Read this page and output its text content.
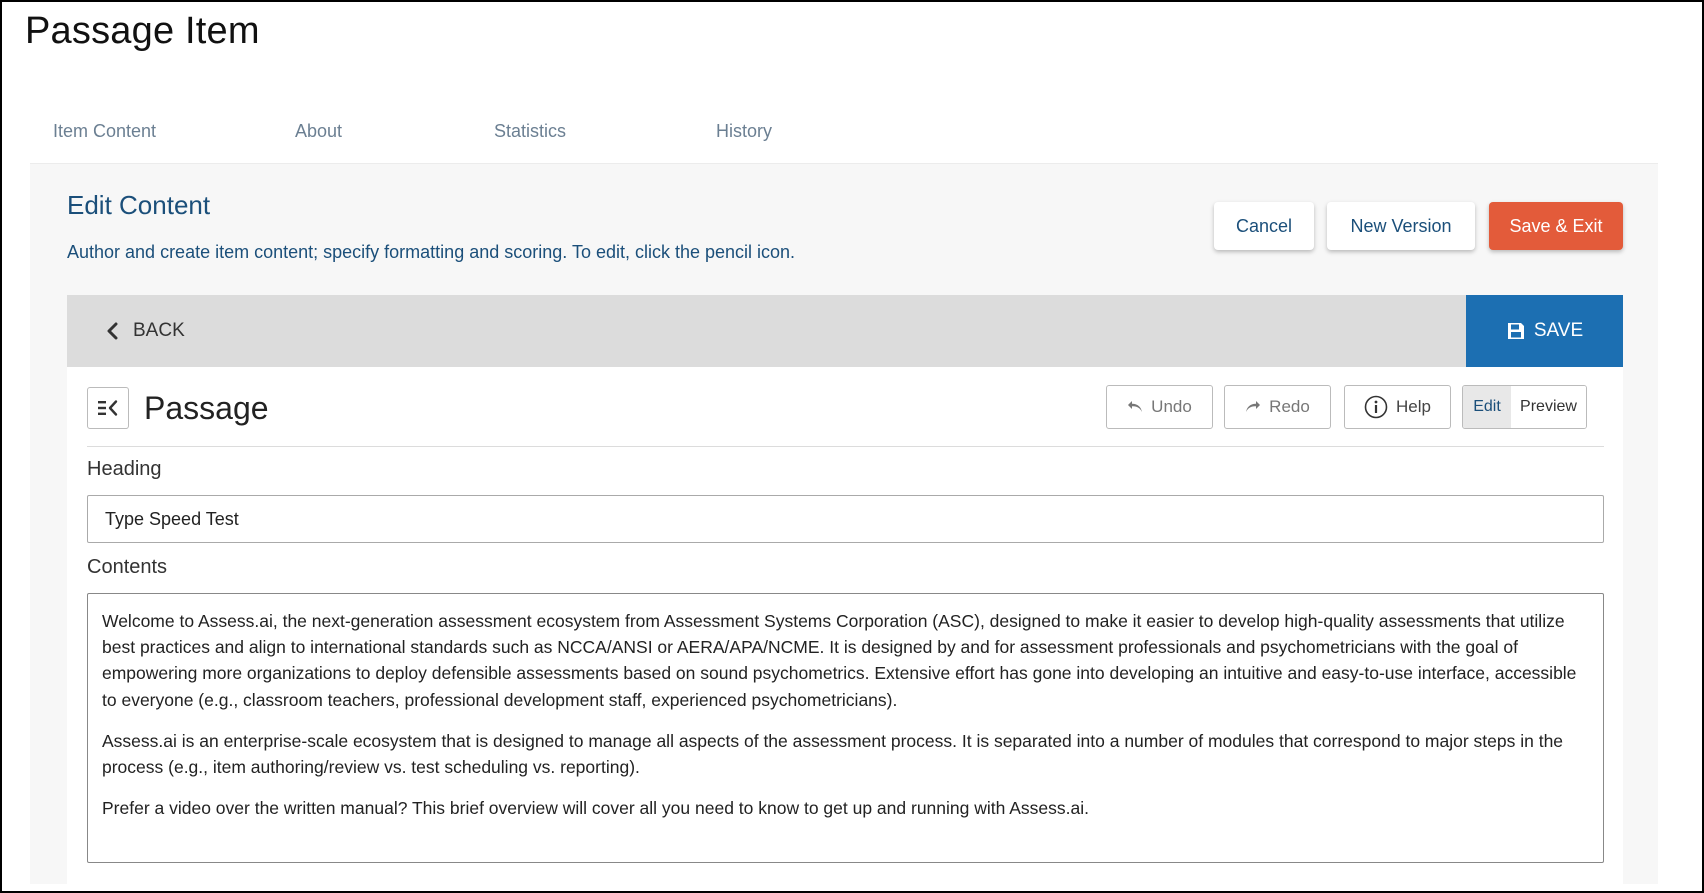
Passage Item
Item Content	About	Statistics	History
Edit Content
Author and create item content; specify formatting and scoring. To edit, click the pencil icon.
Cancel	New Version	Save & Exit
BACK	SAVE
Passage	Undo	Redo	Help	Edit	Preview
Heading
Type Speed Test
Contents

Welcome to Assess.ai, the next-generation assessment ecosystem from Assessment Systems Corporation (ASC), designed to make it easier to develop high-quality assessments that utilize best practices and align to international standards such as NCCA/ANSI or AERA/APA/NCME. It is designed by and for assessment professionals and psychometricians with the goal of empowering more organizations to deploy defensible assessments based on sound psychometrics. Extensive effort has gone into developing an intuitive and easy-to-use interface, accessible to everyone (e.g., classroom teachers, professional development staff, experienced psychometricians).

Assess.ai is an enterprise-scale ecosystem that is designed to manage all aspects of the assessment process. It is separated into a number of modules that correspond to major steps in the process (e.g., item authoring/review vs. test scheduling vs. reporting).

Prefer a video over the written manual? This brief overview will cover all you need to know to get up and running with Assess.ai.
